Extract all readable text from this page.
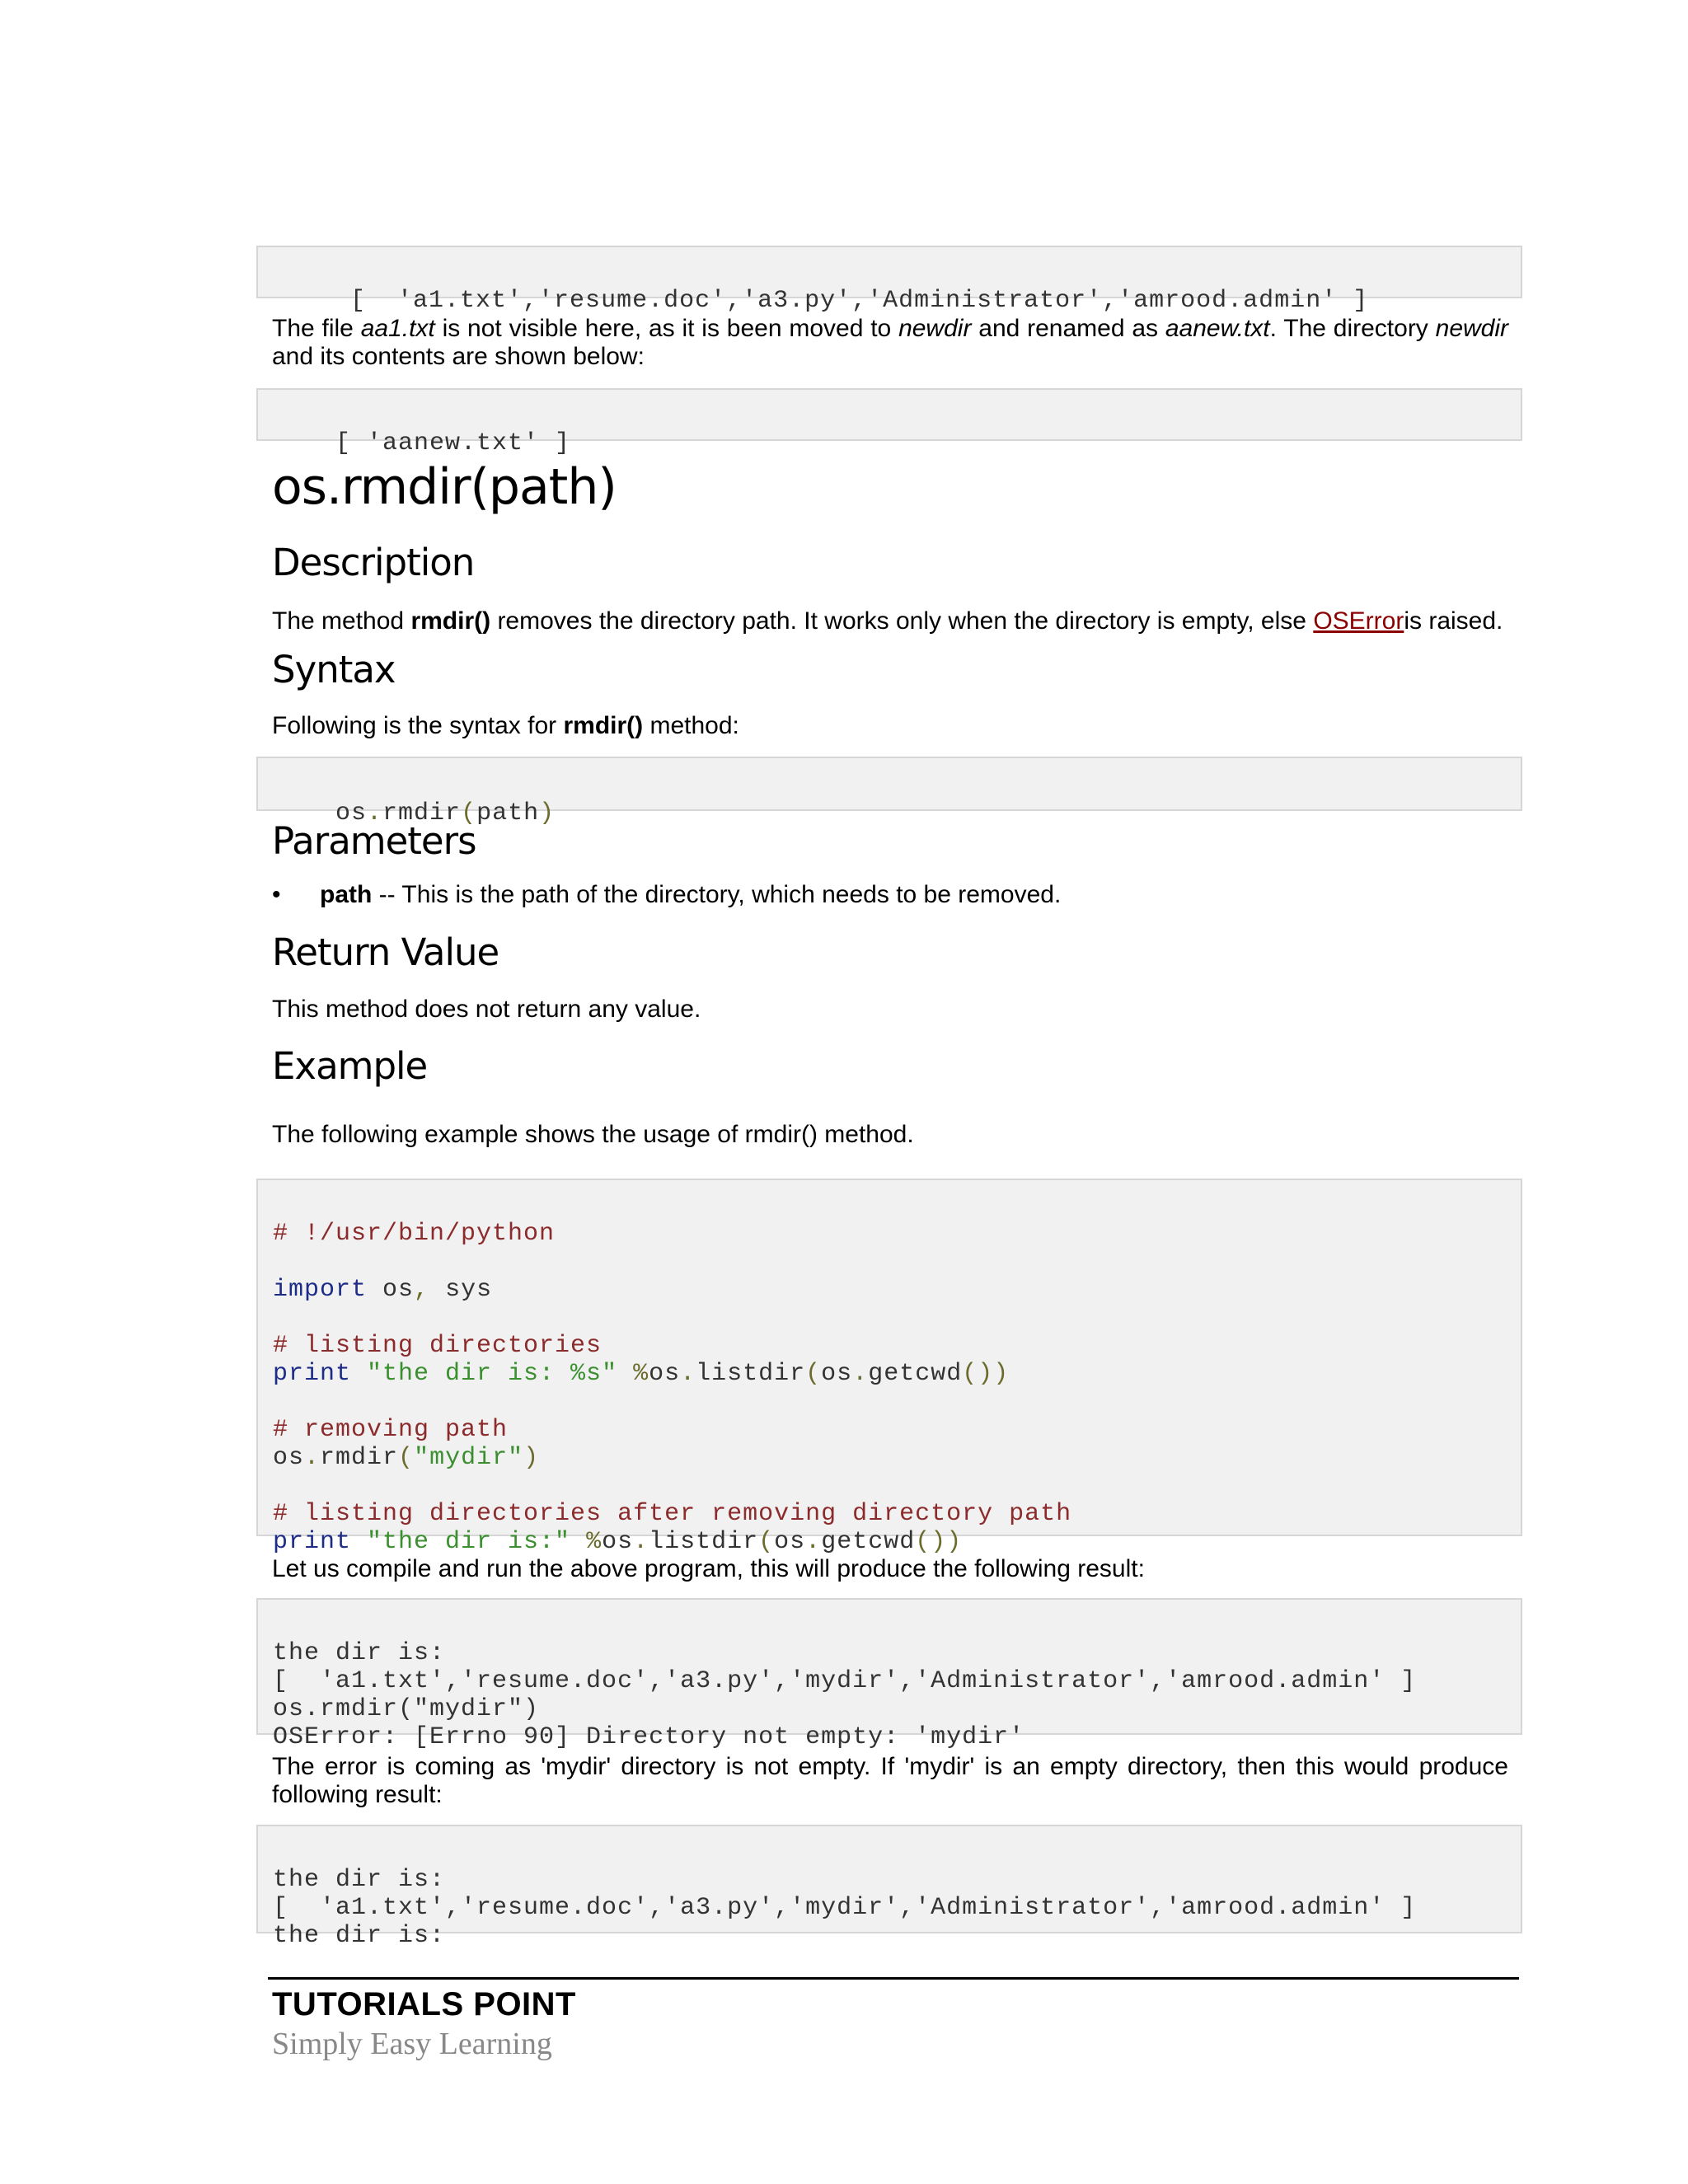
[  'a1.txt','resume.doc','a3.py','Administrator','amrood.admin' ]

The file aa1.txt is not visible here, as it is been moved to newdir and renamed as aanew.txt. The directory newdir and its contents are shown below:

[ 'aanew.txt' ]

os.rmdir(path)
Description
The method rmdir() removes the directory path. It works only when the directory is empty, else OSErroris raised.
Syntax
Following is the syntax for rmdir() method:

os.rmdir(path)

Parameters
• path -- This is the path of the directory, which needs to be removed.
Return Value
This method does not return any value.
Example
The following example shows the usage of rmdir() method.

# !/usr/bin/python

import os, sys

# listing directories
print "the dir is: %s" %os.listdir(os.getcwd())

# removing path
os.rmdir("mydir")

# listing directories after removing directory path
print "the dir is:" %os.listdir(os.getcwd())
Let us compile and run the above program, this will produce the following result:

the dir is:
[  'a1.txt','resume.doc','a3.py','mydir','Administrator','amrood.admin' ]
os.rmdir("mydir")
OSError: [Errno 90] Directory not empty: 'mydir'
The error is coming as 'mydir' directory is not empty. If 'mydir' is an empty directory, then this would produce following result:

the dir is:
[  'a1.txt','resume.doc','a3.py','mydir','Administrator','amrood.admin' ]
the dir is:
TUTORIALS POINT
Simply Easy Learning
